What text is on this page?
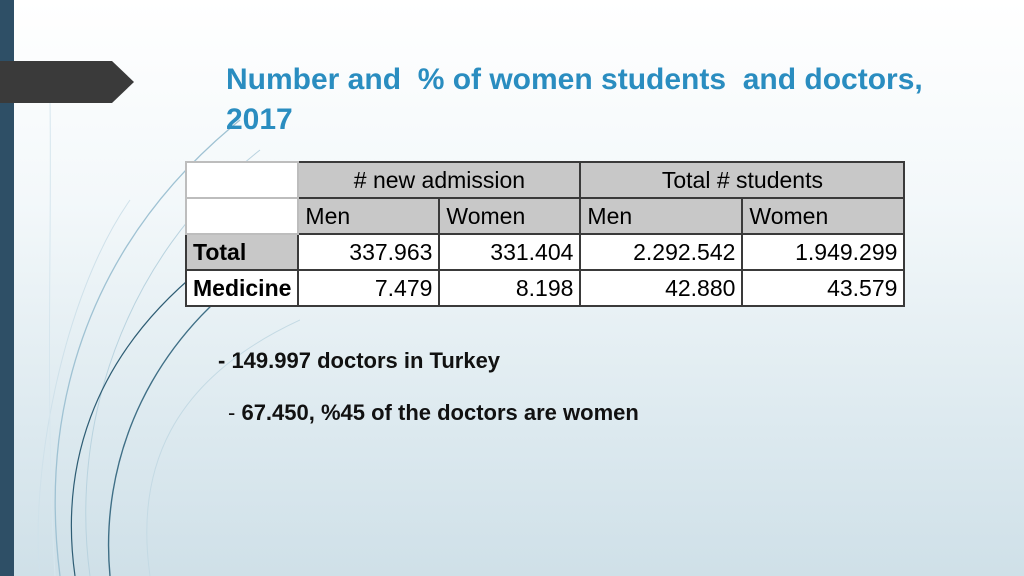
Number and  % of women students  and doctors, 2017
	# new admission		Total # students	
	Men	Women	Men	Women
Total	337.963	331.404	2.292.542	1.949.299
Medicine	7.479	8.198	42.880	43.579
- 149.997 doctors in Turkey
- 67.450, %45 of the doctors are women
